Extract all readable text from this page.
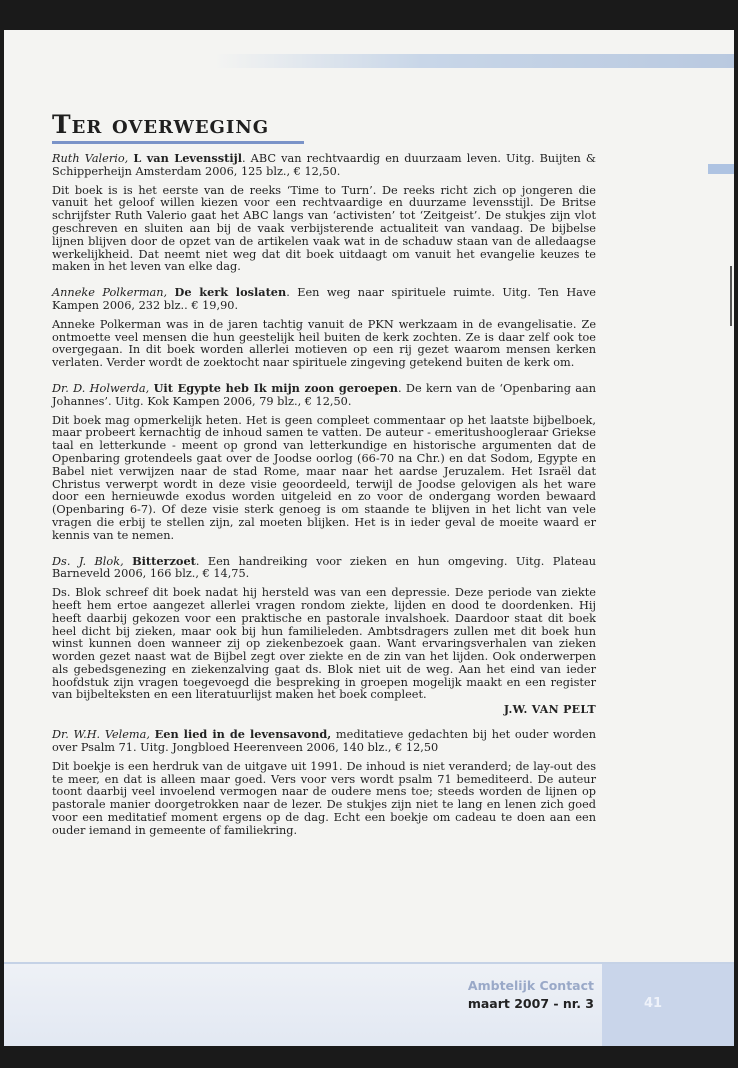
Ter overweging

Ruth Valerio, L van Levensstijl. ABC van rechtvaardig en duurzaam leven. Uitg. Buijten & Schipperheijn Amsterdam 2006, 125 blz., € 12,50.

Dit boek is is het eerste van de reeks ‘Time to Turn’. De reeks richt zich op jongeren die vanuit het geloof willen kiezen voor een rechtvaardige en duurzame levensstijl. De Britse schrijfster Ruth Valerio gaat het ABC langs van ‘activisten’ tot ‘Zeitgeist’. De stukjes zijn vlot geschreven en sluiten aan bij de vaak verbijsterende actualiteit van vandaag. De bijbelse lijnen blijven door de opzet van de artikelen vaak wat in de schaduw staan van de alledaagse werkelijkheid. Dat neemt niet weg dat dit boek uitdaagt om vanuit het evangelie keuzes te maken in het leven van elke dag.

Anneke Polkerman, De kerk loslaten. Een weg naar spirituele ruimte. Uitg. Ten Have Kampen 2006, 232 blz.. € 19,90.

Anneke Polkerman was in de jaren tachtig vanuit de PKN werkzaam in de evangelisatie. Ze ontmoette veel mensen die hun geestelijk heil buiten de kerk zochten. Ze is daar zelf ook toe overgegaan. In dit boek worden allerlei motieven op een rij gezet waarom mensen kerken verlaten. Verder wordt de zoektocht naar spirituele zingeving getekend buiten de kerk om.

Dr. D. Holwerda, Uit Egypte heb Ik mijn zoon geroepen. De kern van de ‘Openbaring aan Johannes’. Uitg. Kok Kampen 2006, 79 blz., € 12,50.

Dit boek mag opmerkelijk heten. Het is geen compleet commentaar op het laatste bijbelboek, maar probeert kernachtig de inhoud samen te vatten. De auteur - emeritushoogleraar Griekse taal en letterkunde - meent op grond van letterkundige en historische argumenten dat de Openbaring grotendeels gaat over de Joodse oorlog (66-70 na Chr.) en dat Sodom, Egypte en Babel niet verwijzen naar de stad Rome, maar naar het aardse Jeruzalem. Het Israël dat Christus verwerpt wordt in deze visie geoordeeld, terwijl de Joodse gelovigen als het ware door een hernieuwde exodus worden uitgeleid en zo voor de ondergang worden bewaard (Openbaring 6-7). Of deze visie sterk genoeg is om staande te blijven in het licht van vele vragen die erbij te stellen zijn, zal moeten blijken. Het is in ieder geval de moeite waard er kennis van te nemen.

Ds. J. Blok, Bitterzoet. Een handreiking voor zieken en hun omgeving. Uitg. Plateau Barneveld 2006, 166 blz., € 14,75.

Ds. Blok schreef dit boek nadat hij hersteld was van een depressie. Deze periode van ziekte heeft hem ertoe aangezet allerlei vragen rondom ziekte, lijden en dood te doordenken. Hij heeft daarbij gekozen voor een praktische en pastorale invalshoek. Daardoor staat dit boek heel dicht bij zieken, maar ook bij hun familieleden. Ambtsdragers zullen met dit boek hun winst kunnen doen wanneer zij op ziekenbezoek gaan. Want ervaringsverhalen van zieken worden gezet naast wat de Bijbel zegt over ziekte en de zin van het lijden. Ook onderwerpen als gebedsgenezing en ziekenzalving gaat ds. Blok niet uit de weg. Aan het eind van ieder hoofdstuk zijn vragen toegevoegd die bespreking in groepen mogelijk maakt en een register van bijbelteksten en een literatuurlijst maken het boek compleet.

J.W. VAN PELT

Dr. W.H. Velema, Een lied in de levensavond, meditatieve gedachten bij het ouder worden over Psalm 71. Uitg. Jongbloed Heerenveen 2006, 140 blz., € 12,50

Dit boekje is een herdruk van de uitgave uit 1991. De inhoud is niet veranderd; de lay-out des te meer, en dat is alleen maar goed. Vers voor vers wordt psalm 71 bemediteerd. De auteur toont daarbij veel invoelend vermogen naar de oudere mens toe; steeds worden de lijnen op pastorale manier doorgetrokken naar de lezer. De stukjes zijn niet te lang en lenen zich goed voor een meditatief moment ergens op de dag. Echt een boekje om cadeau te doen aan een ouder iemand in gemeente of familiekring.

Ambtelijk Contact
maart 2007 - nr. 3	41
